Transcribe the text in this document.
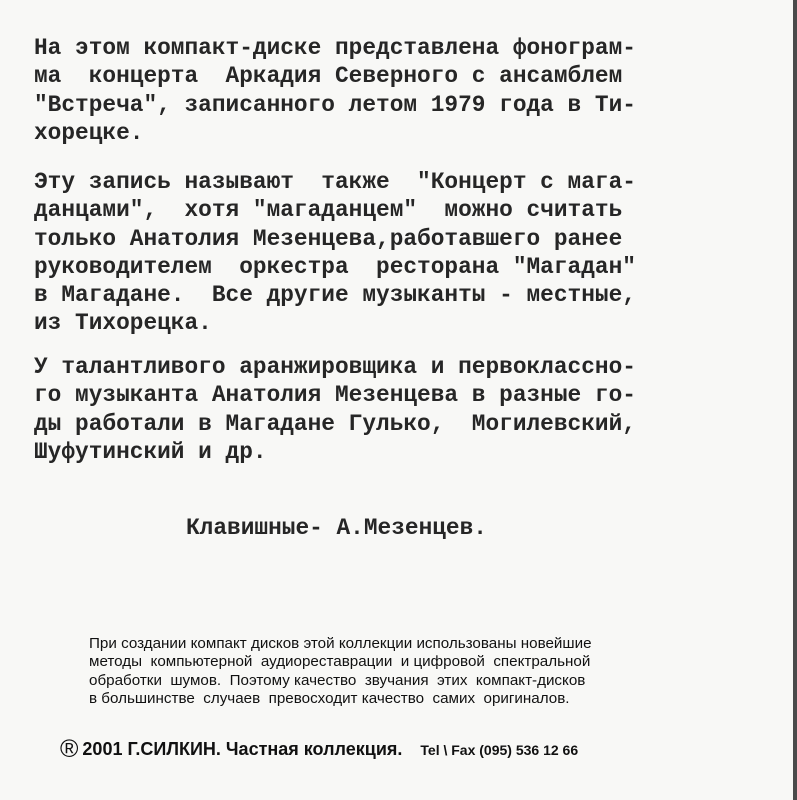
На этом компакт-диске представлена фонограм-
ма  концерта  Аркадия Северного с ансамблем
"Встреча", записанного летом 1979 года в Ти-
хорецке.
Эту запись называют  также  "Концерт с мага-
данцами",  хотя "магаданцем"  можно считать
только Анатолия Мезенцева,работавшего ранее
руководителем  оркестра  ресторана "Магадан"
в Магадане.  Все другие музыканты - местные,
из Тихорецка.
У талантливого аранжировщика и первоклассно-
го музыканта Анатолия Мезенцева в разные го-
ды работали в Магадане Гулько,  Могилевский,
Шуфутинский и др.
Клавишные- А.Мезенцев.
При создании компакт дисков этой коллекции использованы новейшие
методы  компьютерной  аудиореставрации  и цифровой  спектральной
обработки  шумов.  Поэтому качество  звучания  этих  компакт-дисков
в большинстве  случаев  превосходит качество  самих  оригиналов.
® 2001 Г.СИЛКИН. Частная коллекция. Tel \ Fax (095) 536 12 66
